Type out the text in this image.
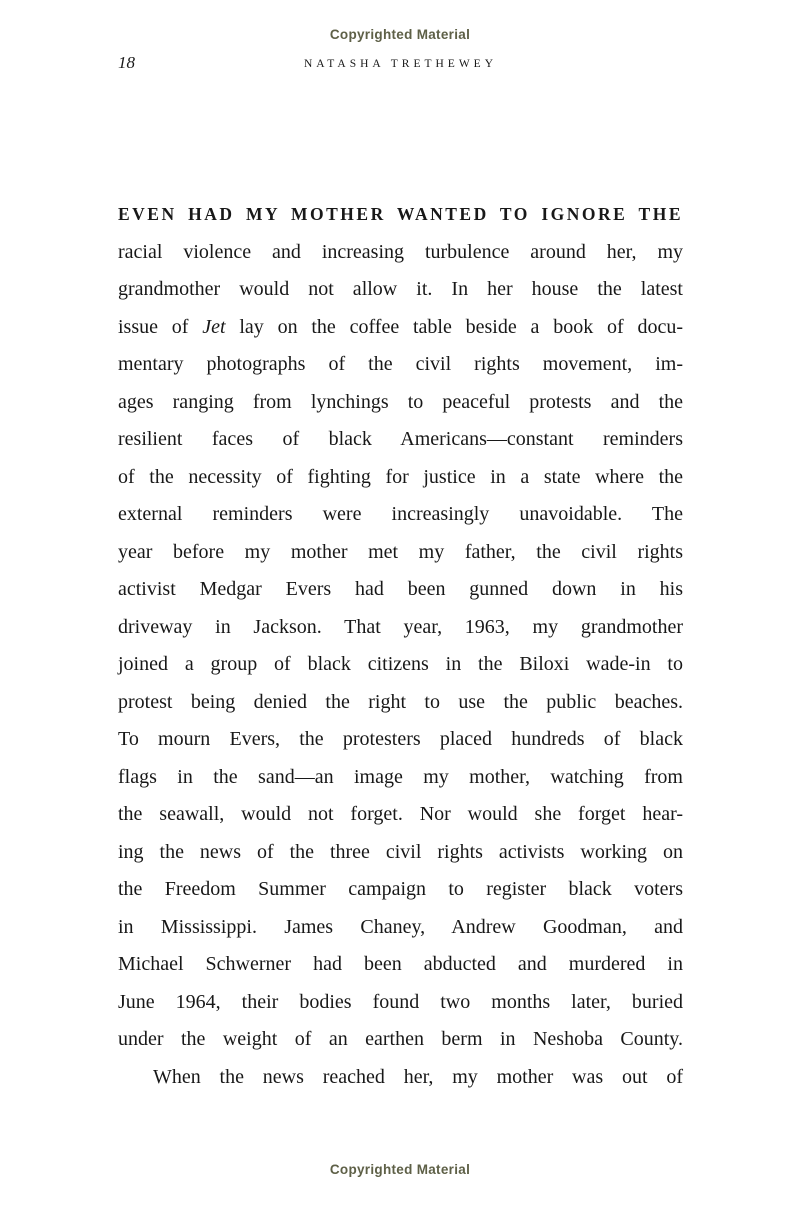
Copyrighted Material
18	NATASHA TRETHEWEY
EVEN HAD MY MOTHER WANTED TO IGNORE THE
racial violence and increasing turbulence around her, my
grandmother would not allow it. In her house the latest
issue of Jet lay on the coffee table beside a book of docu-
mentary photographs of the civil rights movement, im-
ages ranging from lynchings to peaceful protests and the
resilient faces of black Americans—constant reminders
of the necessity of fighting for justice in a state where the
external reminders were increasingly unavoidable. The
year before my mother met my father, the civil rights
activist Medgar Evers had been gunned down in his
driveway in Jackson. That year, 1963, my grandmother
joined a group of black citizens in the Biloxi wade-in to
protest being denied the right to use the public beaches.
To mourn Evers, the protesters placed hundreds of black
flags in the sand—an image my mother, watching from
the seawall, would not forget. Nor would she forget hear-
ing the news of the three civil rights activists working on
the Freedom Summer campaign to register black voters
in Mississippi. James Chaney, Andrew Goodman, and
Michael Schwerner had been abducted and murdered in
June 1964, their bodies found two months later, buried
under the weight of an earthen berm in Neshoba County.
When the news reached her, my mother was out of
Copyrighted Material
